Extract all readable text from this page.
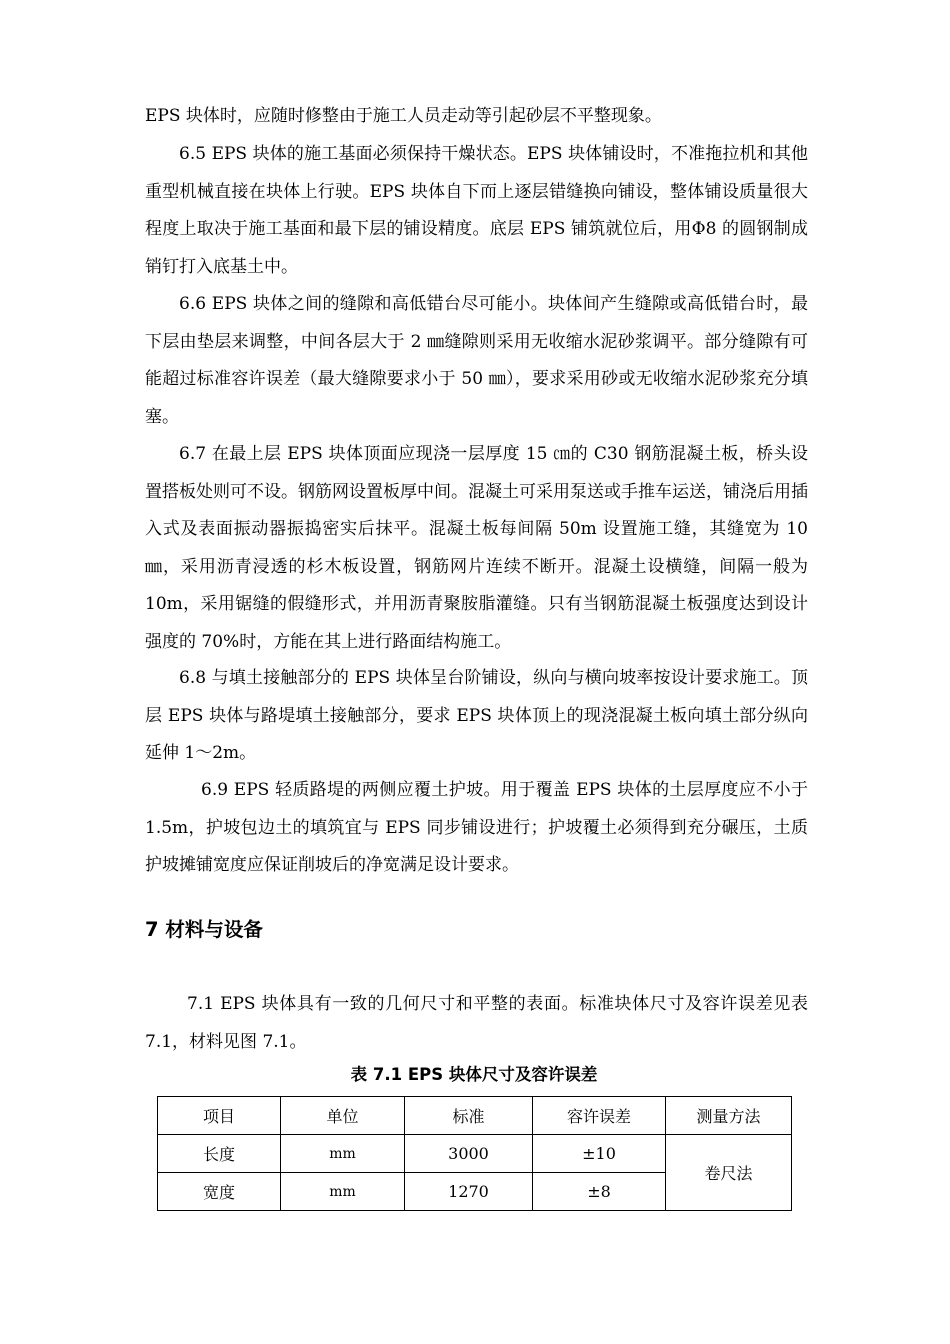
EPS 块体时，应随时修整由于施工人员走动等引起砂层不平整现象。

6.5 EPS 块体的施工基面必须保持干燥状态。EPS 块体铺设时，不准拖拉机和其他重型机械直接在块体上行驶。EPS 块体自下而上逐层错缝换向铺设，整体铺设质量很大程度上取决于施工基面和最下层的铺设精度。底层 EPS 铺筑就位后，用Φ8 的圆钢制成销钉打入底基土中。

6.6 EPS 块体之间的缝隙和高低错台尽可能小。块体间产生缝隙或高低错台时，最下层由垫层来调整，中间各层大于 2 ㎜缝隙则采用无收缩水泥砂浆调平。部分缝隙有可能超过标准容许误差（最大缝隙要求小于 50 ㎜），要求采用砂或无收缩水泥砂浆充分填塞。

6.7 在最上层 EPS 块体顶面应现浇一层厚度 15 ㎝的 C30 钢筋混凝土板，桥头设置搭板处则可不设。钢筋网设置板厚中间。混凝土可采用泵送或手推车运送，铺浇后用插入式及表面振动器振捣密实后抹平。混凝土板每间隔 50m 设置施工缝，其缝宽为 10 ㎜，采用沥青浸透的杉木板设置，钢筋网片连续不断开。混凝土设横缝，间隔一般为10m，采用锯缝的假缝形式，并用沥青聚胺脂灌缝。只有当钢筋混凝土板强度达到设计强度的 70%时，方能在其上进行路面结构施工。

6.8 与填土接触部分的 EPS 块体呈台阶铺设，纵向与横向坡率按设计要求施工。顶层 EPS 块体与路堤填土接触部分，要求 EPS 块体顶上的现浇混凝土板向填土部分纵向延伸 1～2m。

6.9 EPS 轻质路堤的两侧应覆土护坡。用于覆盖 EPS 块体的土层厚度应不小于 1.5m，护坡包边土的填筑宜与 EPS 同步铺设进行；护坡覆土必须得到充分碾压，土质护坡摊铺宽度应保证削坡后的净宽满足设计要求。

7 材料与设备

7.1 EPS 块体具有一致的几何尺寸和平整的表面。标准块体尺寸及容许误差见表 7.1，材料见图 7.1。

表 7.1 EPS 块体尺寸及容许误差
项目	单位	标准	容许误差	测量方法
长度	mm	3000	±10	卷尺法
宽度	mm	1270	±8	
